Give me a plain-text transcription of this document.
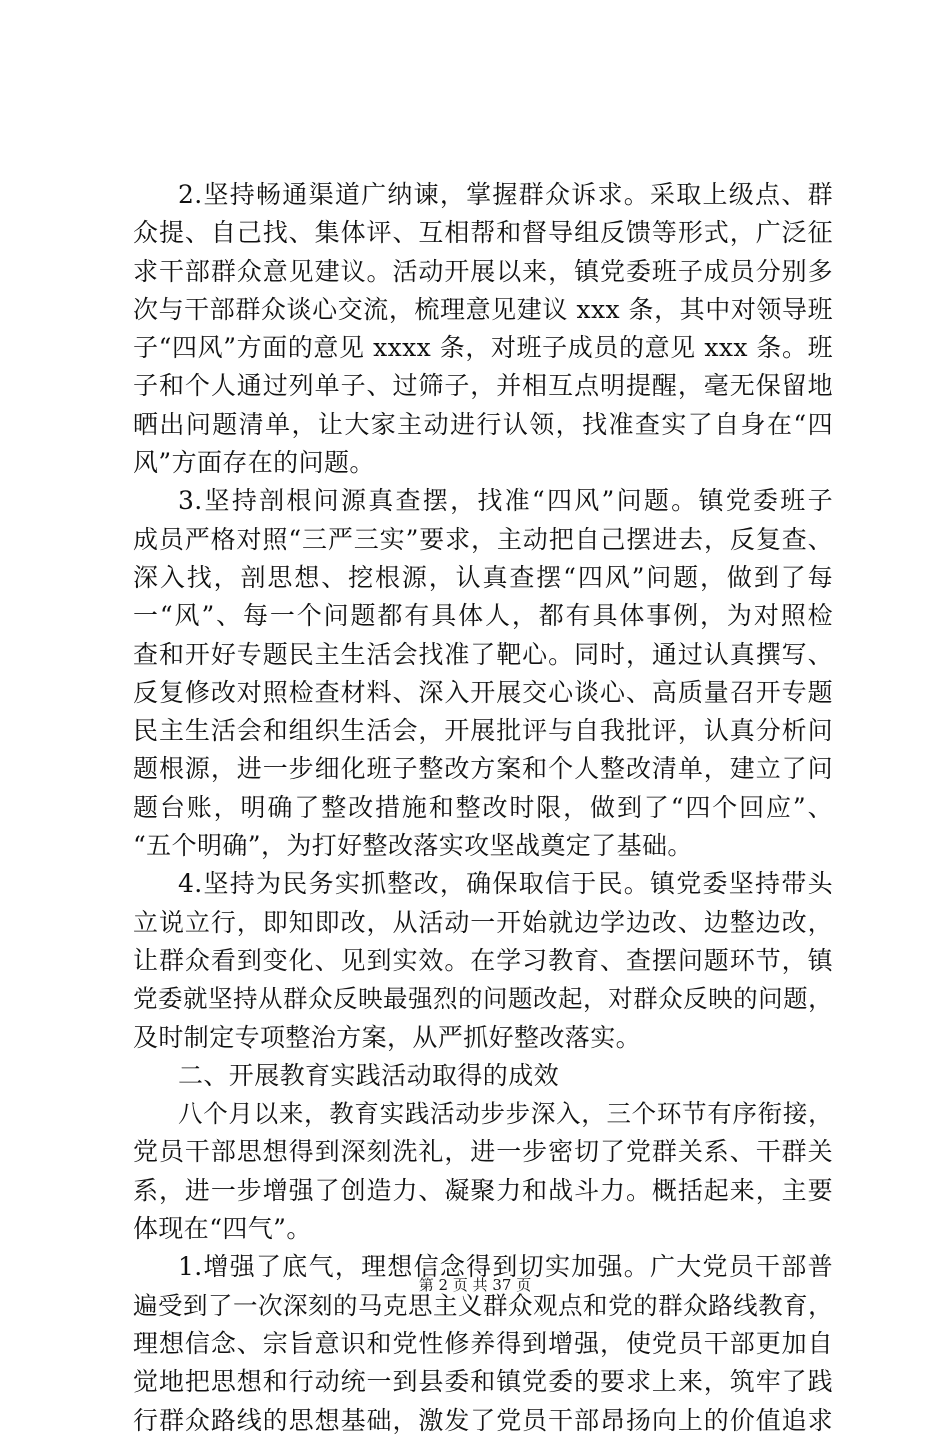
2.坚持畅通渠道广纳谏，掌握群众诉求。采取上级点、群
众提、自己找、集体评、互相帮和督导组反馈等形式，广泛征
求干部群众意见建议。活动开展以来，镇党委班子成员分别多
次与干部群众谈心交流，梳理意见建议 xxx 条，其中对领导班
子“四风”方面的意见 xxxx 条，对班子成员的意见 xxx 条。班
子和个人通过列单子、过筛子，并相互点明提醒，毫无保留地
晒出问题清单，让大家主动进行认领，找准查实了自身在“四
风”方面存在的问题。
3.坚持剖根问源真查摆，找准“四风”问题。镇党委班子
成员严格对照“三严三实”要求，主动把自己摆进去，反复查、
深入找，剖思想、挖根源，认真查摆“四风”问题，做到了每
一“风”、每一个问题都有具体人，都有具体事例，为对照检
查和开好专题民主生活会找准了靶心。同时，通过认真撰写、
反复修改对照检查材料、深入开展交心谈心、高质量召开专题
民主生活会和组织生活会，开展批评与自我批评，认真分析问
题根源，进一步细化班子整改方案和个人整改清单，建立了问
题台账，明确了整改措施和整改时限，做到了“四个回应”、
“五个明确”，为打好整改落实攻坚战奠定了基础。
4.坚持为民务实抓整改，确保取信于民。镇党委坚持带头
立说立行，即知即改，从活动一开始就边学边改、边整边改，
让群众看到变化、见到实效。在学习教育、查摆问题环节，镇
党委就坚持从群众反映最强烈的问题改起，对群众反映的问题，
及时制定专项整治方案，从严抓好整改落实。
二、开展教育实践活动取得的成效
八个月以来，教育实践活动步步深入，三个环节有序衔接，
党员干部思想得到深刻洗礼，进一步密切了党群关系、干群关
系，进一步增强了创造力、凝聚力和战斗力。概括起来，主要
体现在“四气”。
1.增强了底气，理想信念得到切实加强。广大党员干部普
遍受到了一次深刻的马克思主义群众观点和党的群众路线教育，
理想信念、宗旨意识和党性修养得到增强，使党员干部更加自
觉地把思想和行动统一到县委和镇党委的要求上来，筑牢了践
行群众路线的思想基础，激发了党员干部昂扬向上的价值追求
第 2 页 共 37 页
